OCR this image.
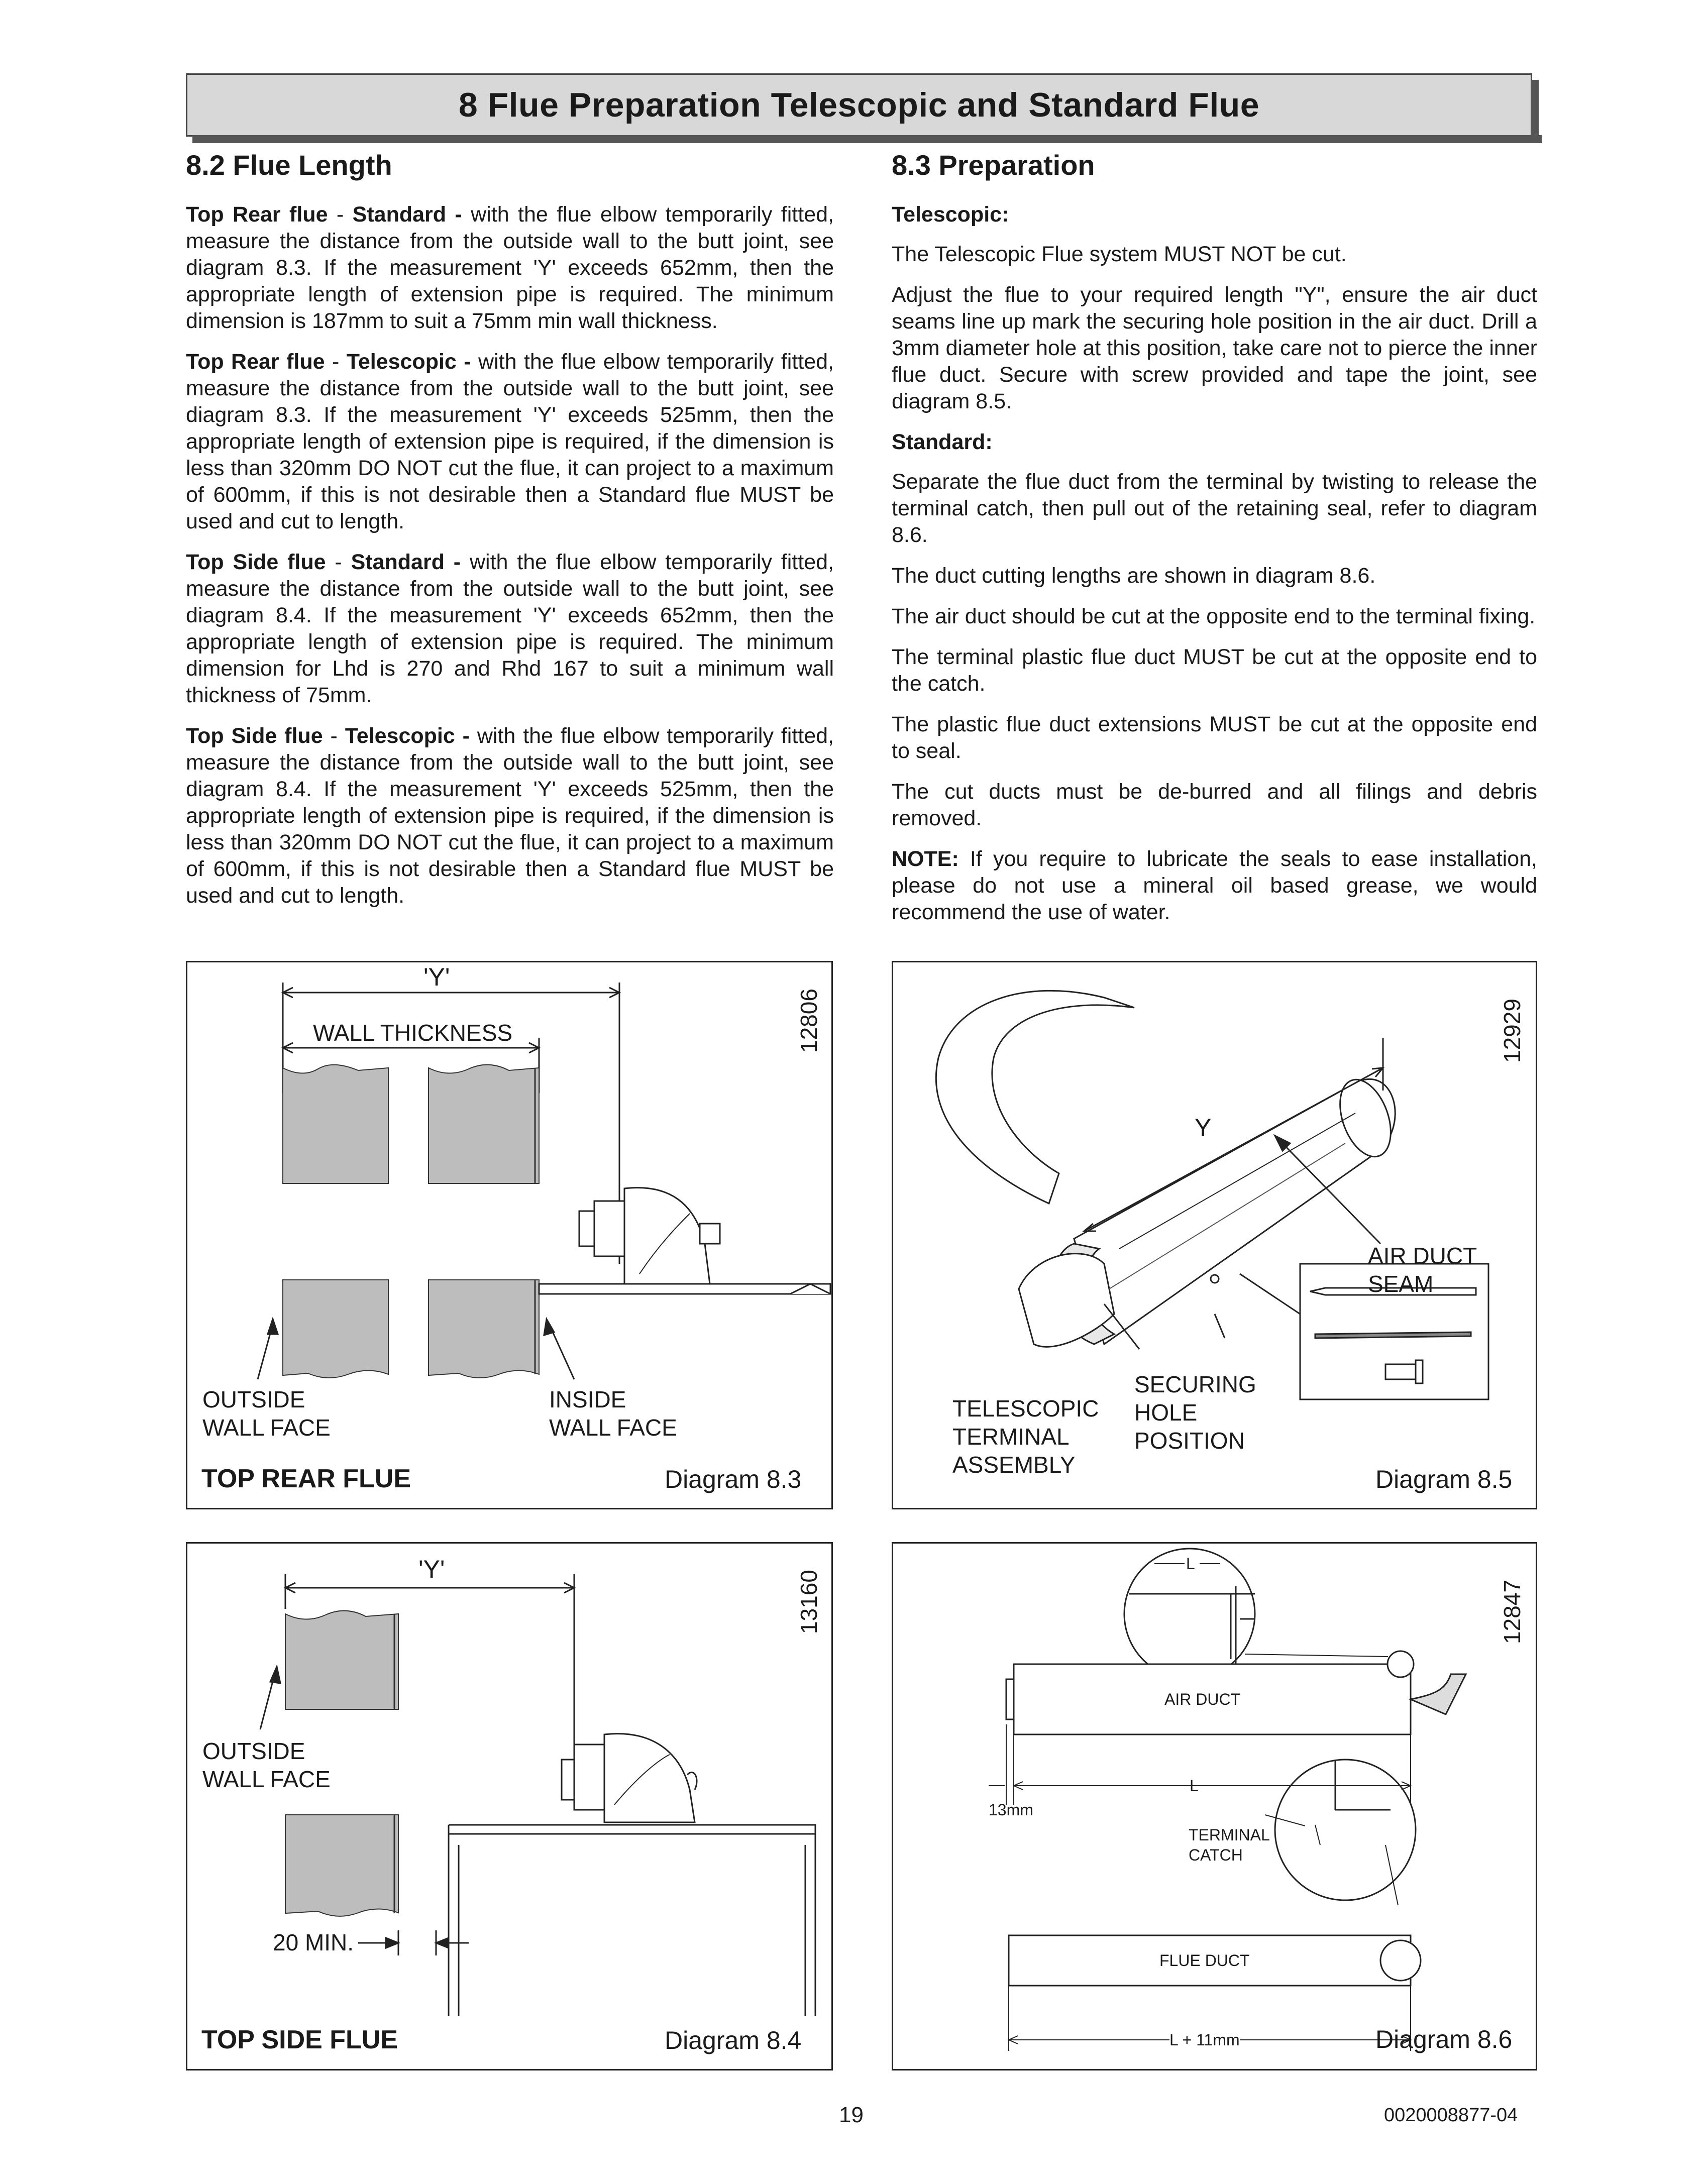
8 Flue Preparation Telescopic and Standard Flue
8.2 Flue Length

Top Rear flue - Standard - with the flue elbow temporarily fitted, measure the distance from the outside wall to the butt joint, see diagram 8.3. If the measurement 'Y' exceeds 652mm, then the appropriate length of extension pipe is required. The minimum dimension is 187mm to suit a 75mm min wall thickness.

Top Rear flue - Telescopic - with the flue elbow temporarily fitted, measure the distance from the outside wall to the butt joint, see diagram 8.3. If the measurement 'Y' exceeds 525mm, then the appropriate length of extension pipe is required, if the dimension is less than 320mm DO NOT cut the flue, it can project to a maximum of 600mm, if this is not desirable then a Standard flue MUST be used and cut to length.

Top Side flue - Standard - with the flue elbow temporarily fitted, measure the distance from the outside wall to the butt joint, see diagram 8.4. If the measurement 'Y' exceeds 652mm, then the appropriate length of extension pipe is required. The minimum dimension for Lhd is 270 and Rhd 167 to suit a minimum wall thickness of 75mm.

Top Side flue - Telescopic - with the flue elbow temporarily fitted, measure the distance from the outside wall to the butt joint, see diagram 8.4. If the measurement 'Y' exceeds 525mm, then the appropriate length of extension pipe is required, if the dimension is less than 320mm DO NOT cut the flue, it can project to a maximum of 600mm, if this is not desirable then a Standard flue MUST be used and cut to length.

8.3 Preparation

Telescopic:

The Telescopic Flue system MUST NOT be cut.

Adjust the flue to your required length "Y", ensure the air duct seams line up mark the securing hole position in the air duct. Drill a 3mm diameter hole at this position, take care not to pierce the inner flue duct. Secure with screw provided and tape the joint, see diagram 8.5.

Standard:

Separate the flue duct from the terminal by twisting to release the terminal catch, then pull out of the retaining seal, refer to diagram 8.6.

The duct cutting lengths are shown in diagram 8.6.

The air duct should be cut at the opposite end to the terminal fixing.

The terminal plastic flue duct MUST be cut at the opposite end to the catch.

The plastic flue duct extensions MUST be cut at the opposite end to seal.

The cut ducts must be de-burred and all filings and debris removed.

NOTE: If you require to lubricate the seals to ease installation, please do not use a mineral oil based grease, we would recommend the use of water.

'Y'
WALL THICKNESS
OUTSIDE
WALL FACE
INSIDE
WALL FACE
TOP REAR FLUE	Diagram 8.3
12806
'Y'
OUTSIDE
WALL FACE
20 MIN.
TOP SIDE FLUE	Diagram 8.4
13160
Y
AIR DUCT
SEAM
SECURING
HOLE
POSITION
TELESCOPIC
TERMINAL
ASSEMBLY
Diagram 8.5
12929
L
AIR DUCT
L
13mm
TERMINAL
CATCH
FLUE DUCT
L + 11mm	Diagram 8.6
12847
19	0020008877-04
